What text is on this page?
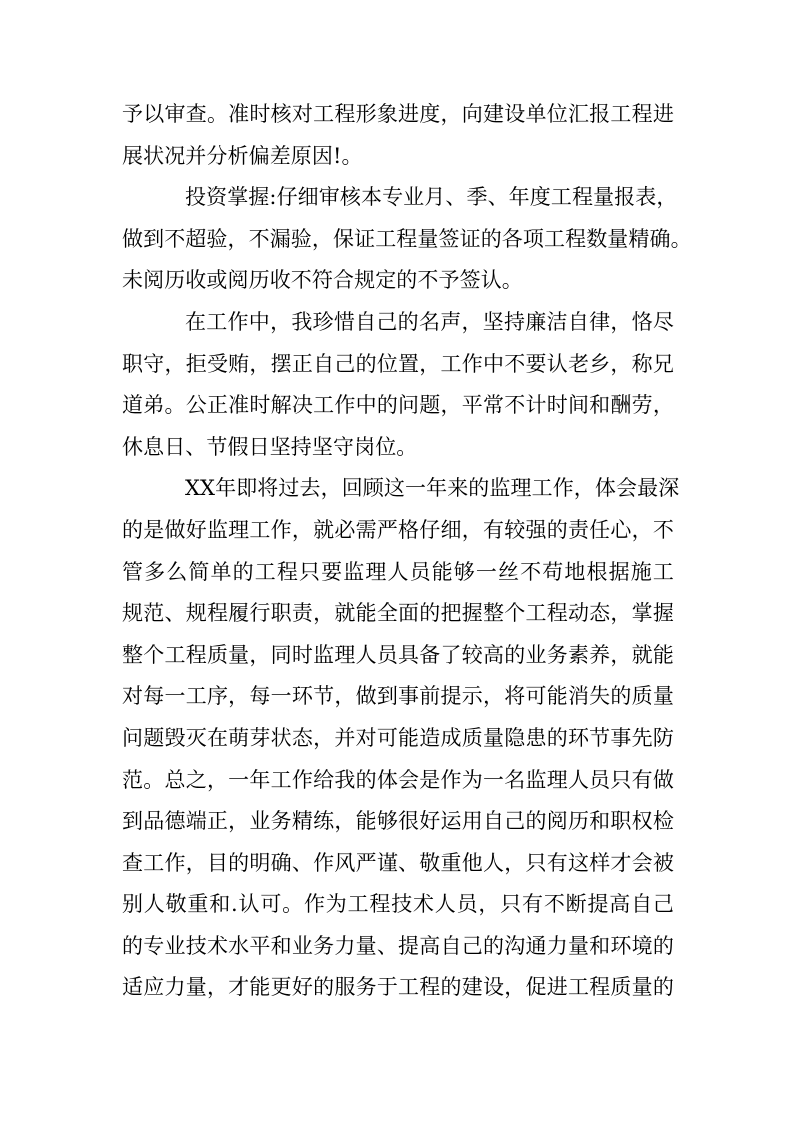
予以审查。准时核对工程形象进度，向建设单位汇报工程进
展状况并分析偏差原因!。
投资掌握:仔细审核本专业月、季、年度工程量报表，
做到不超验，不漏验，保证工程量签证的各项工程数量精确。
未阅历收或阅历收不符合规定的不予签认。
在工作中，我珍惜自己的名声，坚持廉洁自律，恪尽
职守，拒受贿，摆正自己的位置，工作中不要认老乡，称兄
道弟。公正准时解决工作中的问题，平常不计时间和酬劳，
休息日、节假日坚持坚守岗位。
XX年即将过去，回顾这一年来的监理工作，体会最深
的是做好监理工作，就必需严格仔细，有较强的责任心，不
管多么简单的工程只要监理人员能够一丝不苟地根据施工
规范、规程履行职责，就能全面的把握整个工程动态，掌握
整个工程质量，同时监理人员具备了较高的业务素养，就能
对每一工序，每一环节，做到事前提示，将可能消失的质量
问题毁灭在萌芽状态，并对可能造成质量隐患的环节事先防
范。总之，一年工作给我的体会是作为一名监理人员只有做
到品德端正，业务精练，能够很好运用自己的阅历和职权检
查工作，目的明确、作风严谨、敬重他人，只有这样才会被
别人敬重和.认可。作为工程技术人员，只有不断提高自己
的专业技术水平和业务力量、提高自己的沟通力量和环境的
适应力量，才能更好的服务于工程的建设，促进工程质量的
